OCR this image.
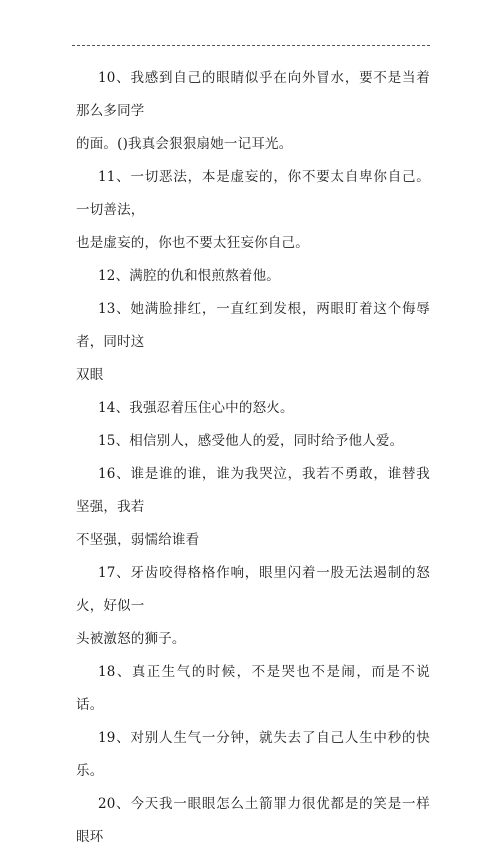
10、我感到自己的眼睛似乎在向外冒水，要不是当着那么多同学
的面。()我真会狠狠扇她一记耳光。

11、一切恶法，本是虚妄的，你不要太自卑你自己。一切善法，
也是虚妄的，你也不要太狂妄你自己。

12、满腔的仇和恨煎熬着他。

13、她满脸排红，一直红到发根，两眼盯着这个侮辱者，同时这
双眼

14、我强忍着压住心中的怒火。

15、相信别人，感受他人的爱，同时给予他人爱。

16、谁是谁的谁，谁为我哭泣，我若不勇敢，谁替我坚强，我若
不坚强，弱懦给谁看

17、牙齿咬得格格作响，眼里闪着一股无法遏制的怒火，好似一
头被激怒的狮子。

18、真正生气的时候，不是哭也不是闹，而是不说话。

19、对别人生气一分钟，就失去了自己人生中秒的快乐。

20、今天我一眼眼怎么土箭罪力很优都是的笑是一样眼环
